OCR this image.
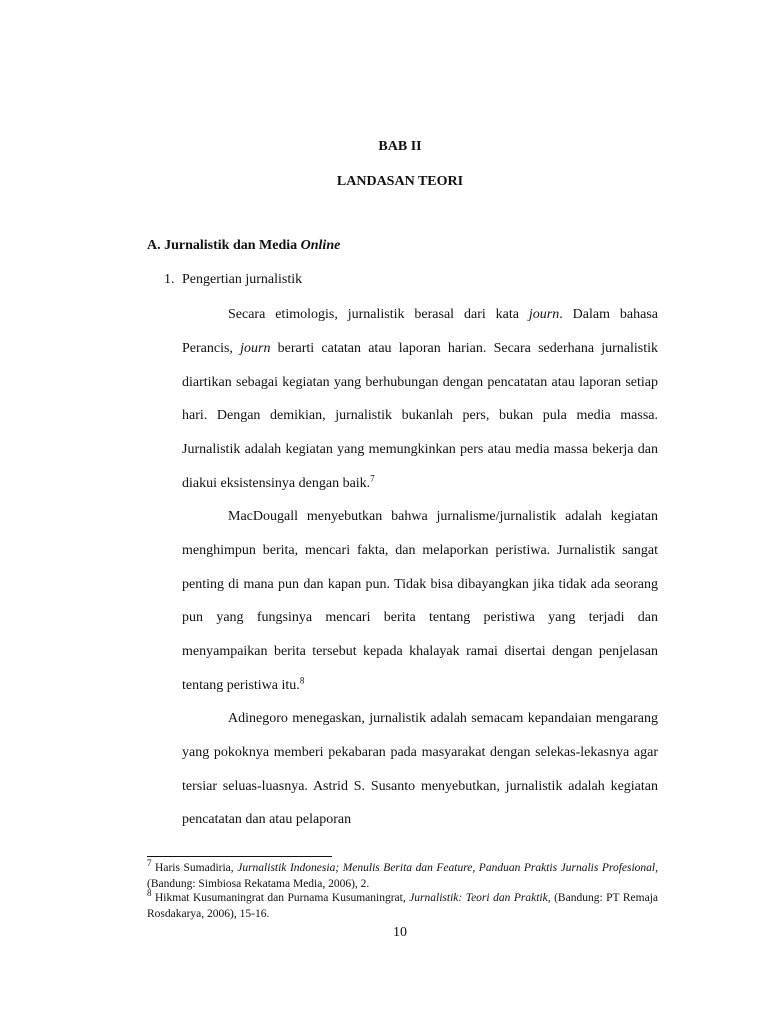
BAB II
LANDASAN TEORI
A. Jurnalistik dan Media Online
1. Pengertian jurnalistik
Secara etimologis, jurnalistik berasal dari kata journ. Dalam bahasa Perancis, journ berarti catatan atau laporan harian. Secara sederhana jurnalistik diartikan sebagai kegiatan yang berhubungan dengan pencatatan atau laporan setiap hari. Dengan demikian, jurnalistik bukanlah pers, bukan pula media massa. Jurnalistik adalah kegiatan yang memungkinkan pers atau media massa bekerja dan diakui eksistensinya dengan baik.$^7$
MacDougall menyebutkan bahwa jurnalisme/jurnalistik adalah kegiatan menghimpun berita, mencari fakta, dan melaporkan peristiwa. Jurnalistik sangat penting di mana pun dan kapan pun. Tidak bisa dibayangkan jika tidak ada seorang pun yang fungsinya mencari berita tentang peristiwa yang terjadi dan menyampaikan berita tersebut kepada khalayak ramai disertai dengan penjelasan tentang peristiwa itu.$^8$
Adinegoro menegaskan, jurnalistik adalah semacam kepandaian mengarang yang pokoknya memberi pekabaran pada masyarakat dengan selekas-lekasnya agar tersiar seluas-luasnya. Astrid S. Susanto menyebutkan, jurnalistik adalah kegiatan pencatatan dan atau pelaporan
$^7$ Haris Sumadiria, Jurnalistik Indonesia; Menulis Berita dan Feature, Panduan Praktis Jurnalis Profesional, (Bandung: Simbiosa Rekatama Media, 2006), 2.
$^8$ Hikmat Kusumaningrat dan Purnama Kusumaningrat, Jurnalistik: Teori dan Praktik, (Bandung: PT Remaja Rosdakarya, 2006), 15-16.
10
